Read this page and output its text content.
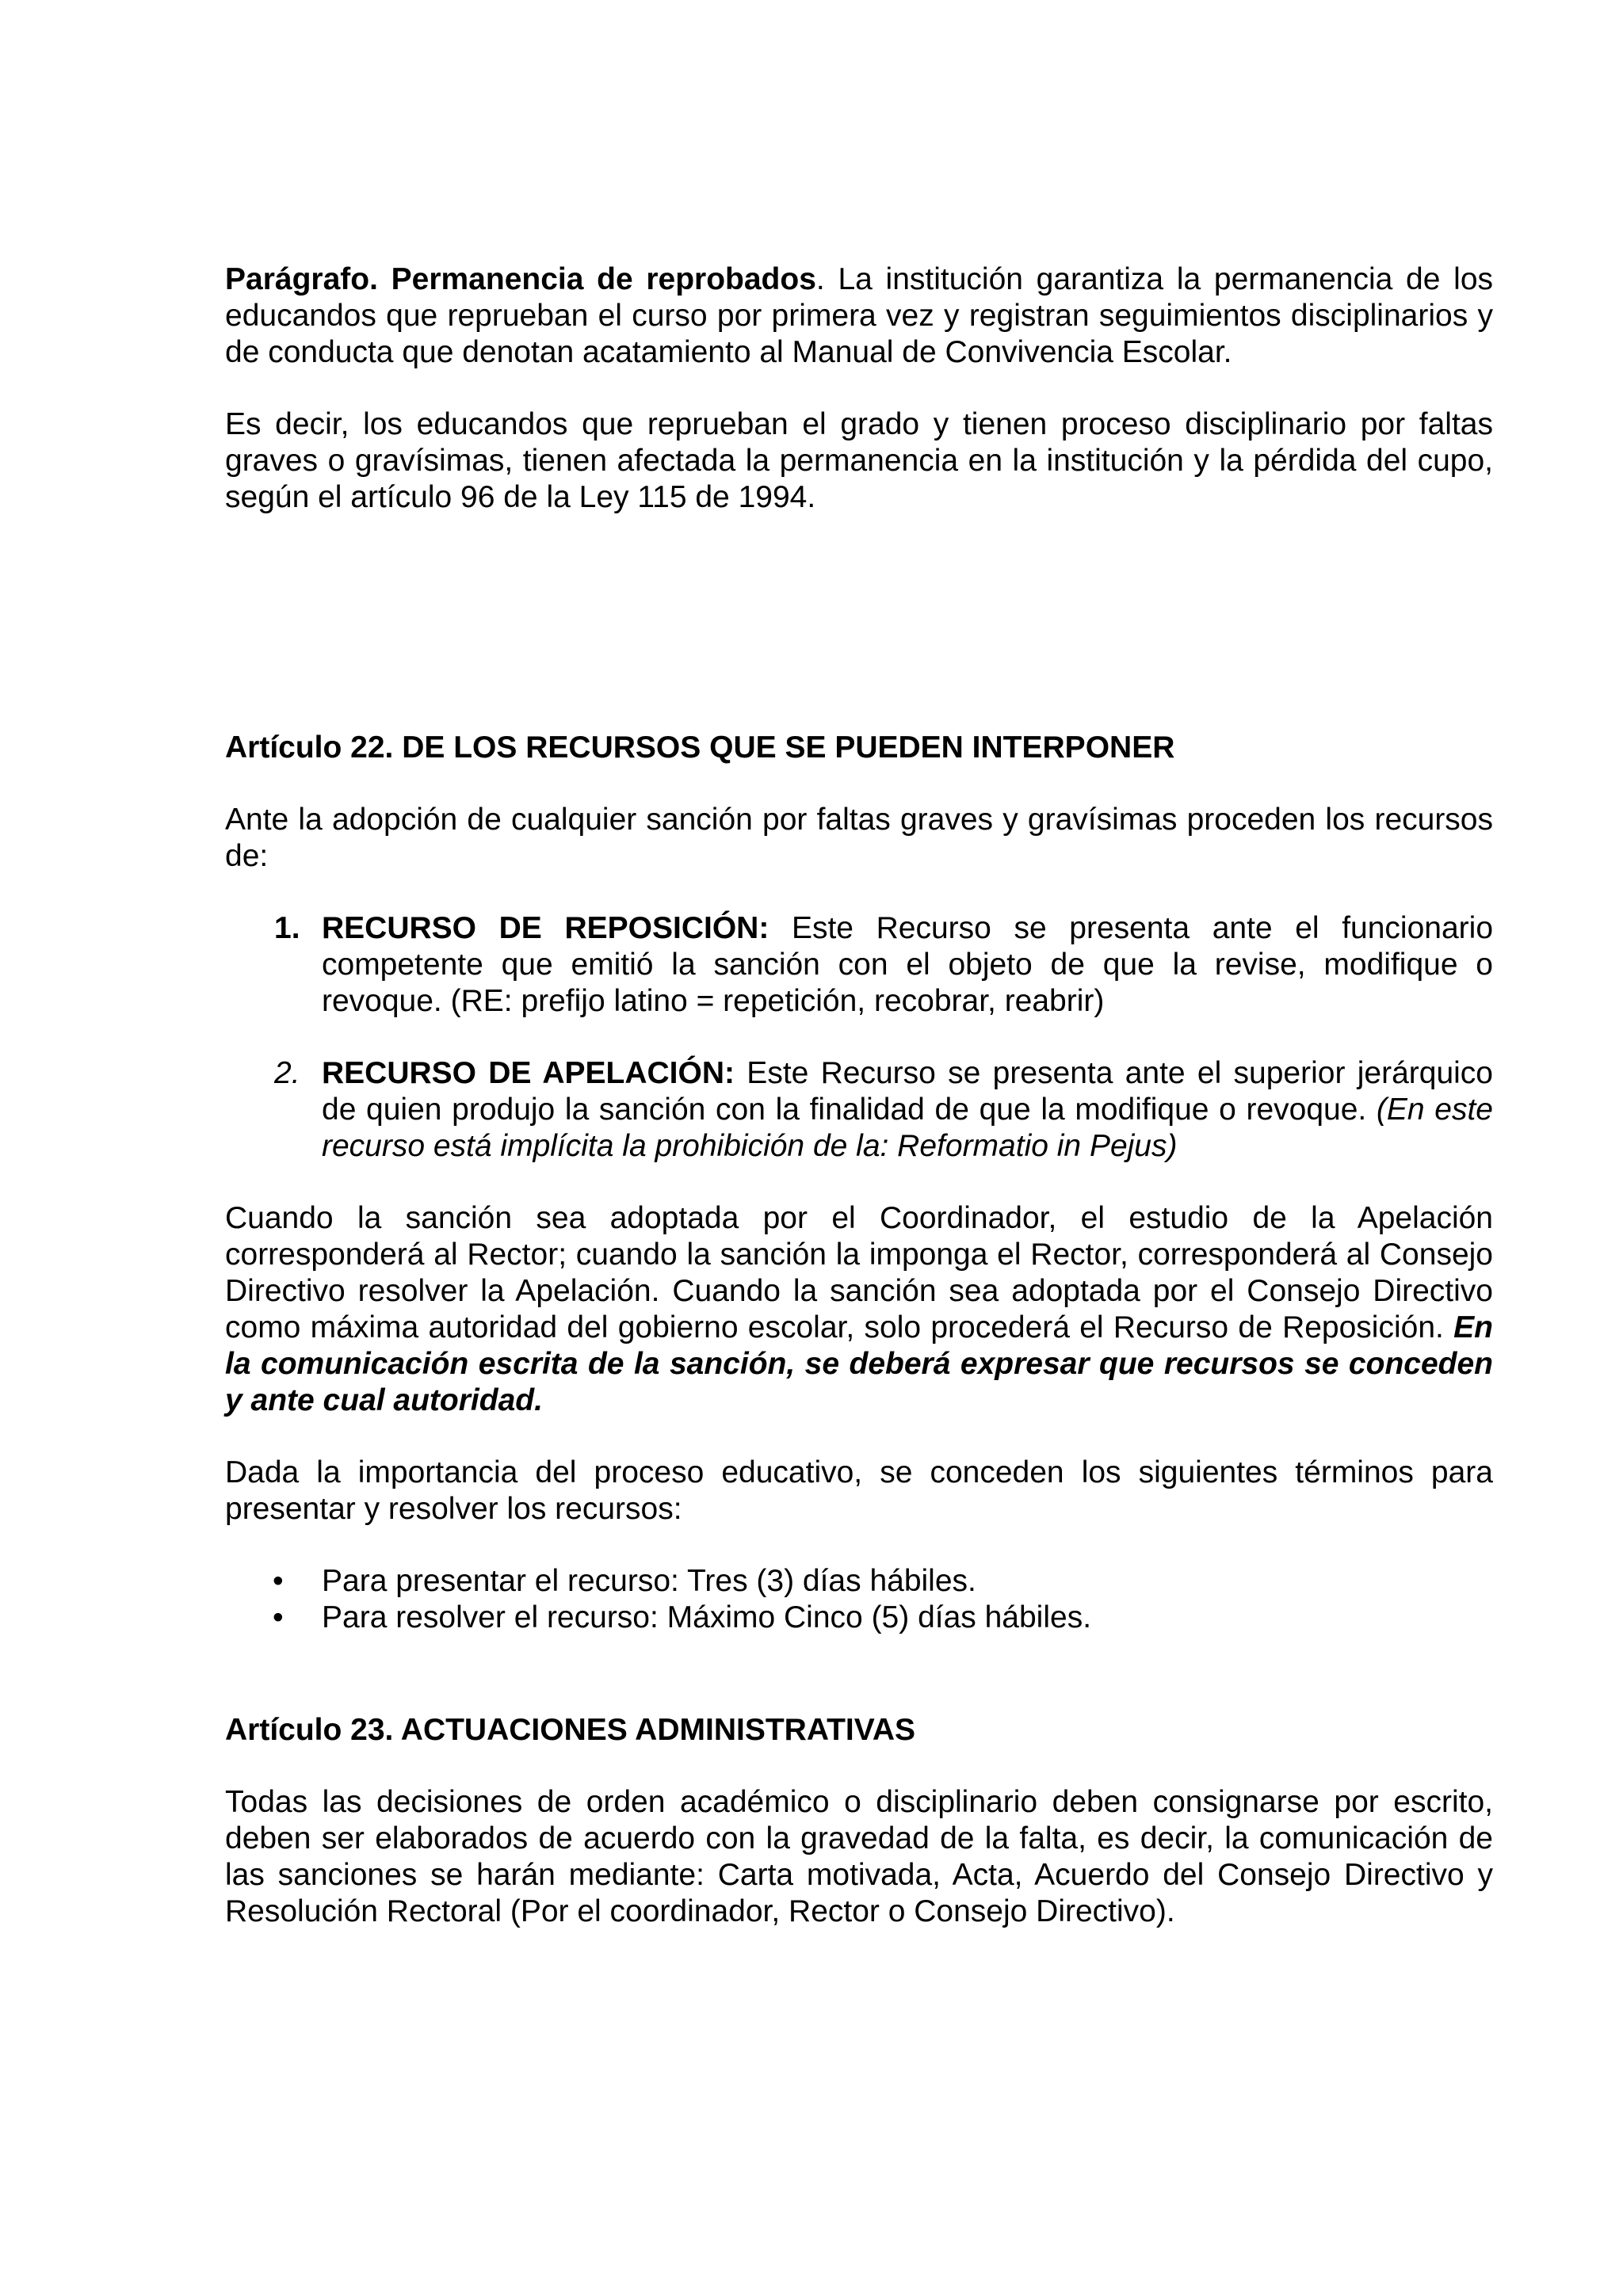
Parágrafo. Permanencia de reprobados. La institución garantiza la permanencia de los educandos que reprueban el curso por primera vez y registran seguimientos disciplinarios y de conducta que denotan acatamiento al Manual de Convivencia Escolar.

Es decir, los educandos que reprueban el grado y tienen proceso disciplinario por faltas graves o gravísimas, tienen afectada la permanencia en la institución y la pérdida del cupo, según el artículo 96 de la Ley 115 de 1994.

Artículo 22. DE LOS RECURSOS QUE SE PUEDEN INTERPONER

Ante la adopción de cualquier sanción por faltas graves y gravísimas proceden los recursos de:

1. RECURSO DE REPOSICIÓN: Este Recurso se presenta ante el funcionario competente que emitió la sanción con el objeto de que la revise, modifique o revoque. (RE: prefijo latino = repetición, recobrar, reabrir)

2. RECURSO DE APELACIÓN: Este Recurso se presenta ante el superior jerárquico de quien produjo la sanción con la finalidad de que la modifique o revoque. (En este recurso está implícita la prohibición de la: Reformatio in Pejus)

Cuando la sanción sea adoptada por el Coordinador, el estudio de la Apelación corresponderá al Rector; cuando la sanción la imponga el Rector, corresponderá al Consejo Directivo resolver la Apelación. Cuando la sanción sea adoptada por el Consejo Directivo como máxima autoridad del gobierno escolar, solo procederá el Recurso de Reposición. En la comunicación escrita de la sanción, se deberá expresar que recursos se conceden y ante cual autoridad.

Dada la importancia del proceso educativo, se conceden los siguientes términos para presentar y resolver los recursos:

• Para presentar el recurso: Tres (3) días hábiles.
• Para resolver el recurso: Máximo Cinco (5) días hábiles.

Artículo 23. ACTUACIONES ADMINISTRATIVAS

Todas las decisiones de orden académico o disciplinario deben consignarse por escrito, deben ser elaborados de acuerdo con la gravedad de la falta, es decir, la comunicación de las sanciones se harán mediante: Carta motivada, Acta, Acuerdo del Consejo Directivo y Resolución Rectoral (Por el coordinador, Rector o Consejo Directivo).
